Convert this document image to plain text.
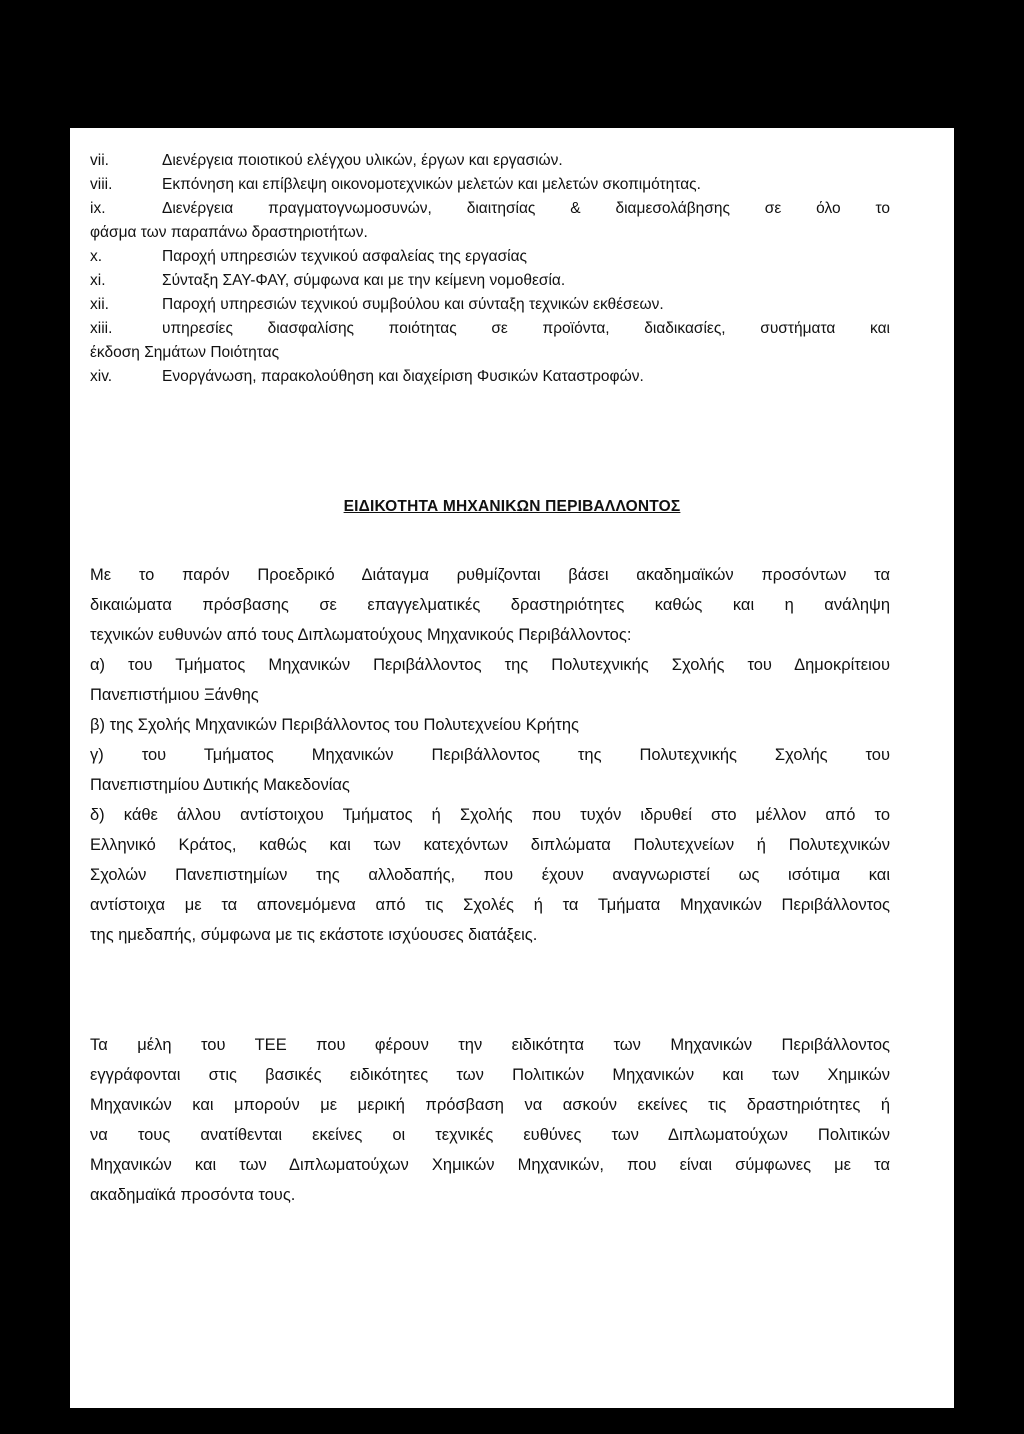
vii.	Διενέργεια ποιοτικού ελέγχου υλικών, έργων και εργασιών.
viii.	Εκπόνηση και επίβλεψη οικονομοτεχνικών μελετών και μελετών σκοπιμότητας.
ix.	Διενέργεια πραγματογνωμοσυνών, διαιτησίας & διαμεσολάβησης σε όλο το
φάσμα των παραπάνω δραστηριοτήτων.
x.	Παροχή υπηρεσιών τεχνικού ασφαλείας της εργασίας
xi.	Σύνταξη ΣΑΥ-ΦΑΥ, σύμφωνα και με την κείμενη νομοθεσία.
xii.	Παροχή υπηρεσιών τεχνικού συμβούλου και σύνταξη τεχνικών εκθέσεων.
xiii.	υπηρεσίες διασφαλίσης ποιότητας σε προϊόντα, διαδικασίες, συστήματα και
έκδοση Σημάτων Ποιότητας
xiv.	Ενοργάνωση, παρακολούθηση και διαχείριση Φυσικών Καταστροφών.
ΕΙΔΙΚΟΤΗΤΑ ΜΗΧΑΝΙΚΩΝ ΠΕΡΙΒΑΛΛΟΝΤΟΣ
Με το παρόν Προεδρικό Διάταγμα ρυθμίζονται βάσει ακαδημαϊκών προσόντων τα
δικαιώματα πρόσβασης σε επαγγελματικές δραστηριότητες καθώς και η ανάληψη
τεχνικών ευθυνών από τους Διπλωματούχους Μηχανικούς Περιβάλλοντος:
α) του Τμήματος Μηχανικών Περιβάλλοντος της Πολυτεχνικής Σχολής του Δημοκρίτειου
Πανεπιστήμιου Ξάνθης
β) της Σχολής Μηχανικών Περιβάλλοντος του Πολυτεχνείου Κρήτης
γ) του Τμήματος Μηχανικών Περιβάλλοντος της Πολυτεχνικής Σχολής του
Πανεπιστημίου Δυτικής Μακεδονίας
δ) κάθε άλλου αντίστοιχου Τμήματος ή Σχολής που τυχόν ιδρυθεί στο μέλλον από το
Ελληνικό Κράτος, καθώς και των κατεχόντων διπλώματα Πολυτεχνείων ή Πολυτεχνικών
Σχολών Πανεπιστημίων της αλλοδαπής, που έχουν αναγνωριστεί ως ισότιμα και
αντίστοιχα με τα απονεμόμενα από τις Σχολές ή τα Τμήματα Μηχανικών Περιβάλλοντος
της ημεδαπής, σύμφωνα με τις εκάστοτε ισχύουσες διατάξεις.
Τα μέλη του ΤΕΕ που φέρουν την ειδικότητα των Μηχανικών Περιβάλλοντος
εγγράφονται στις βασικές ειδικότητες των Πολιτικών Μηχανικών και των Χημικών
Μηχανικών και μπορούν με μερική πρόσβαση να ασκούν εκείνες τις δραστηριότητες ή
να τους ανατίθενται εκείνες οι τεχνικές ευθύνες των Διπλωματούχων Πολιτικών
Μηχανικών και των Διπλωματούχων Χημικών Μηχανικών, που είναι σύμφωνες με τα
ακαδημαϊκά προσόντα τους.
